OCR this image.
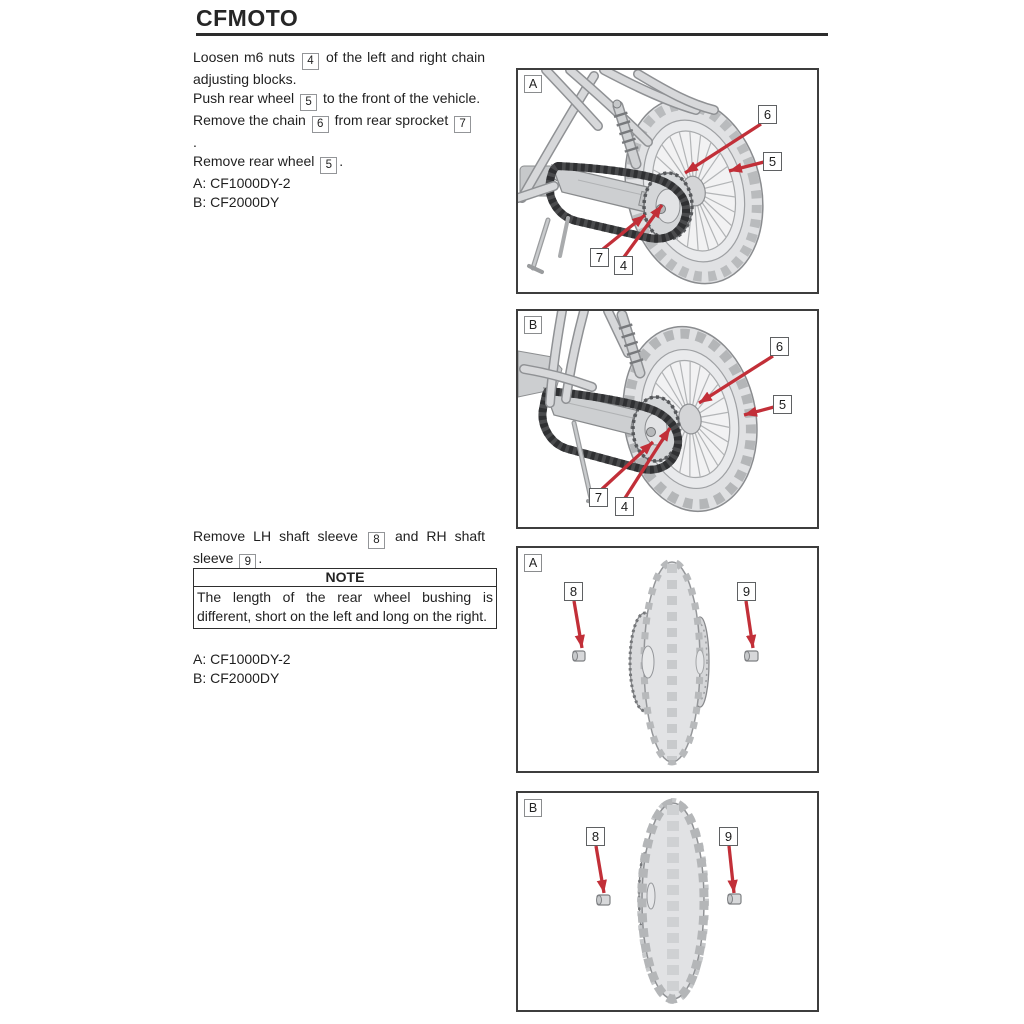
CFMOTO

Loosen m6 nuts 4 of the left and right chain adjusting blocks.

Push rear wheel 5 to the front of the vehicle.

Remove the chain 6 from rear sprocket 7

.

Remove rear wheel 5 .

A: CF1000DY-2
B: CF2000DY

Remove LH shaft sleeve 8 and RH shaft sleeve 9 .

NOTE
The length of the rear wheel bushing is different, short on the left and long on the right.
A: CF1000DY-2
B: CF2000DY
A
6
5
7
4
B
6
5
7
4
A
8	9
B
8	9
